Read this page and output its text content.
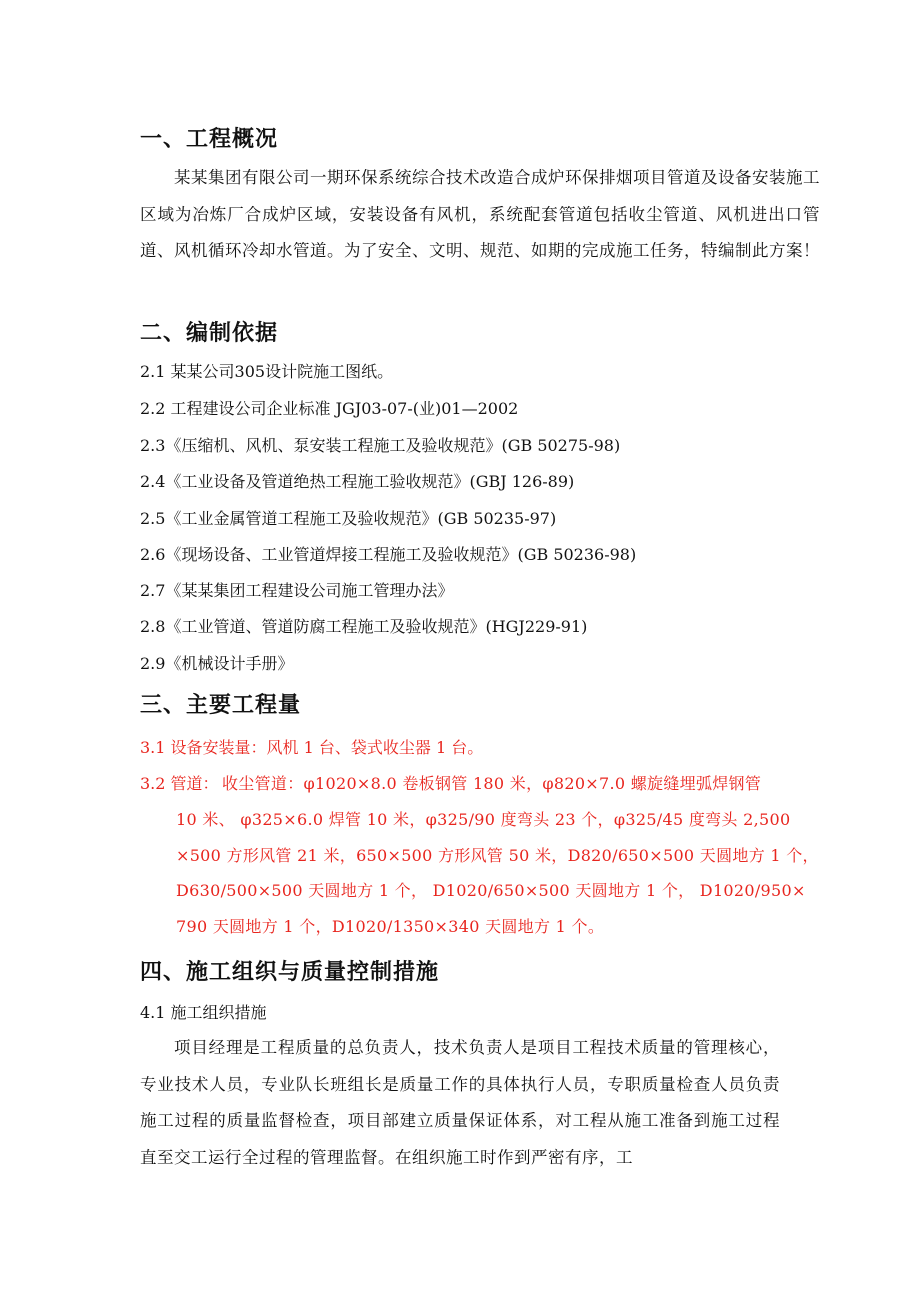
一、工程概况
某某集团有限公司一期环保系统综合技术改造合成炉环保排烟项目管道及设备安装施工区域为冶炼厂合成炉区域，安装设备有风机，系统配套管道包括收尘管道、风机进出口管道、风机循环冷却水管道。为了安全、文明、规范、如期的完成施工任务，特编制此方案！
二、编制依据
2.1 某某公司305设计院施工图纸。
2.2 工程建设公司企业标准 JGJ03-07-(业)01—2002
2.3《压缩机、风机、泵安装工程施工及验收规范》(GB 50275-98)
2.4《工业设备及管道绝热工程施工验收规范》(GBJ 126-89)
2.5《工业金属管道工程施工及验收规范》(GB 50235-97)
2.6《现场设备、工业管道焊接工程施工及验收规范》(GB 50236-98)
2.7《某某集团工程建设公司施工管理办法》
2.8《工业管道、管道防腐工程施工及验收规范》(HGJ229-91)
2.9《机械设计手册》
三、主要工程量
3.1 设备安装量：风机 1 台、袋式收尘器 1 台。
3.2 管道： 收尘管道：φ1020×8.0 卷板钢管 180 米，φ820×7.0 螺旋缝埋弧焊钢管
10 米、 φ325×6.0 焊管 10 米，φ325/90 度弯头 23 个，φ325/45 度弯头 2,500
×500 方形风管 21 米，650×500 方形风管 50 米，D820/650×500 天圆地方 1 个，
D630/500×500 天圆地方 1 个， D1020/650×500 天圆地方 1 个， D1020/950×
790 天圆地方 1 个，D1020/1350×340 天圆地方 1 个。
四、施工组织与质量控制措施
4.1 施工组织措施
项目经理是工程质量的总负责人，技术负责人是项目工程技术质量的管理核心，专业技术人员，专业队长班组长是质量工作的具体执行人员，专职质量检查人员负责施工过程的质量监督检查，项目部建立质量保证体系，对工程从施工准备到施工过程直至交工运行全过程的管理监督。在组织施工时作到严密有序，工
